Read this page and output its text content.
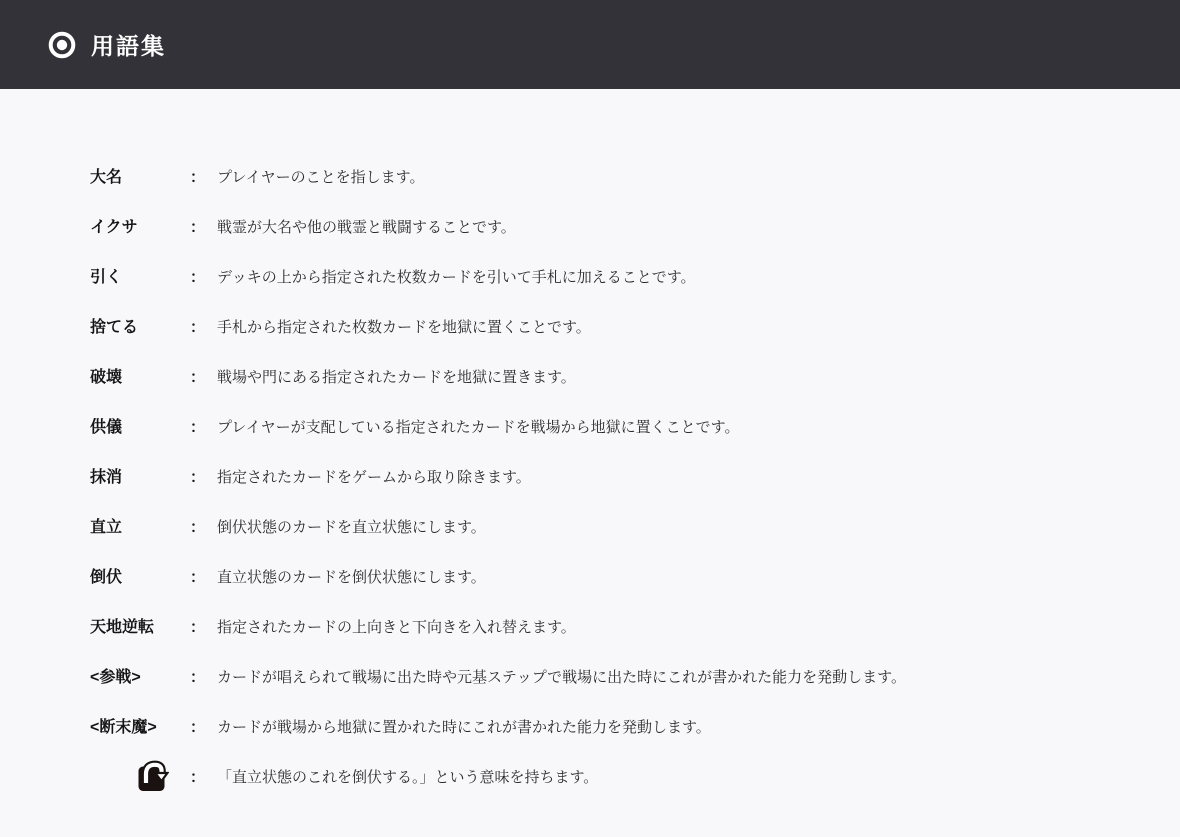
用語集
大名	： プレイヤーのことを指します。
イクサ	： 戦霊が大名や他の戦霊と戦闘することです。
引く	： デッキの上から指定された枚数カードを引いて手札に加えることです。
捨てる	： 手札から指定された枚数カードを地獄に置くことです。
破壊	： 戦場や門にある指定されたカードを地獄に置きます。
供儀	： プレイヤーが支配している指定されたカードを戦場から地獄に置くことです。
抹消	： 指定されたカードをゲームから取り除きます。
直立	： 倒伏状態のカードを直立状態にします。
倒伏	： 直立状態のカードを倒伏状態にします。
天地逆転	： 指定されたカードの上向きと下向きを入れ替えます。
<参戦>	： カードが唱えられて戦場に出た時や元基ステップで戦場に出た時にこれが書かれた能力を発動します。
<断末魔>	： カードが戦場から地獄に置かれた時にこれが書かれた能力を発動します。
： 「直立状態のこれを倒伏する。」という意味を持ちます。
